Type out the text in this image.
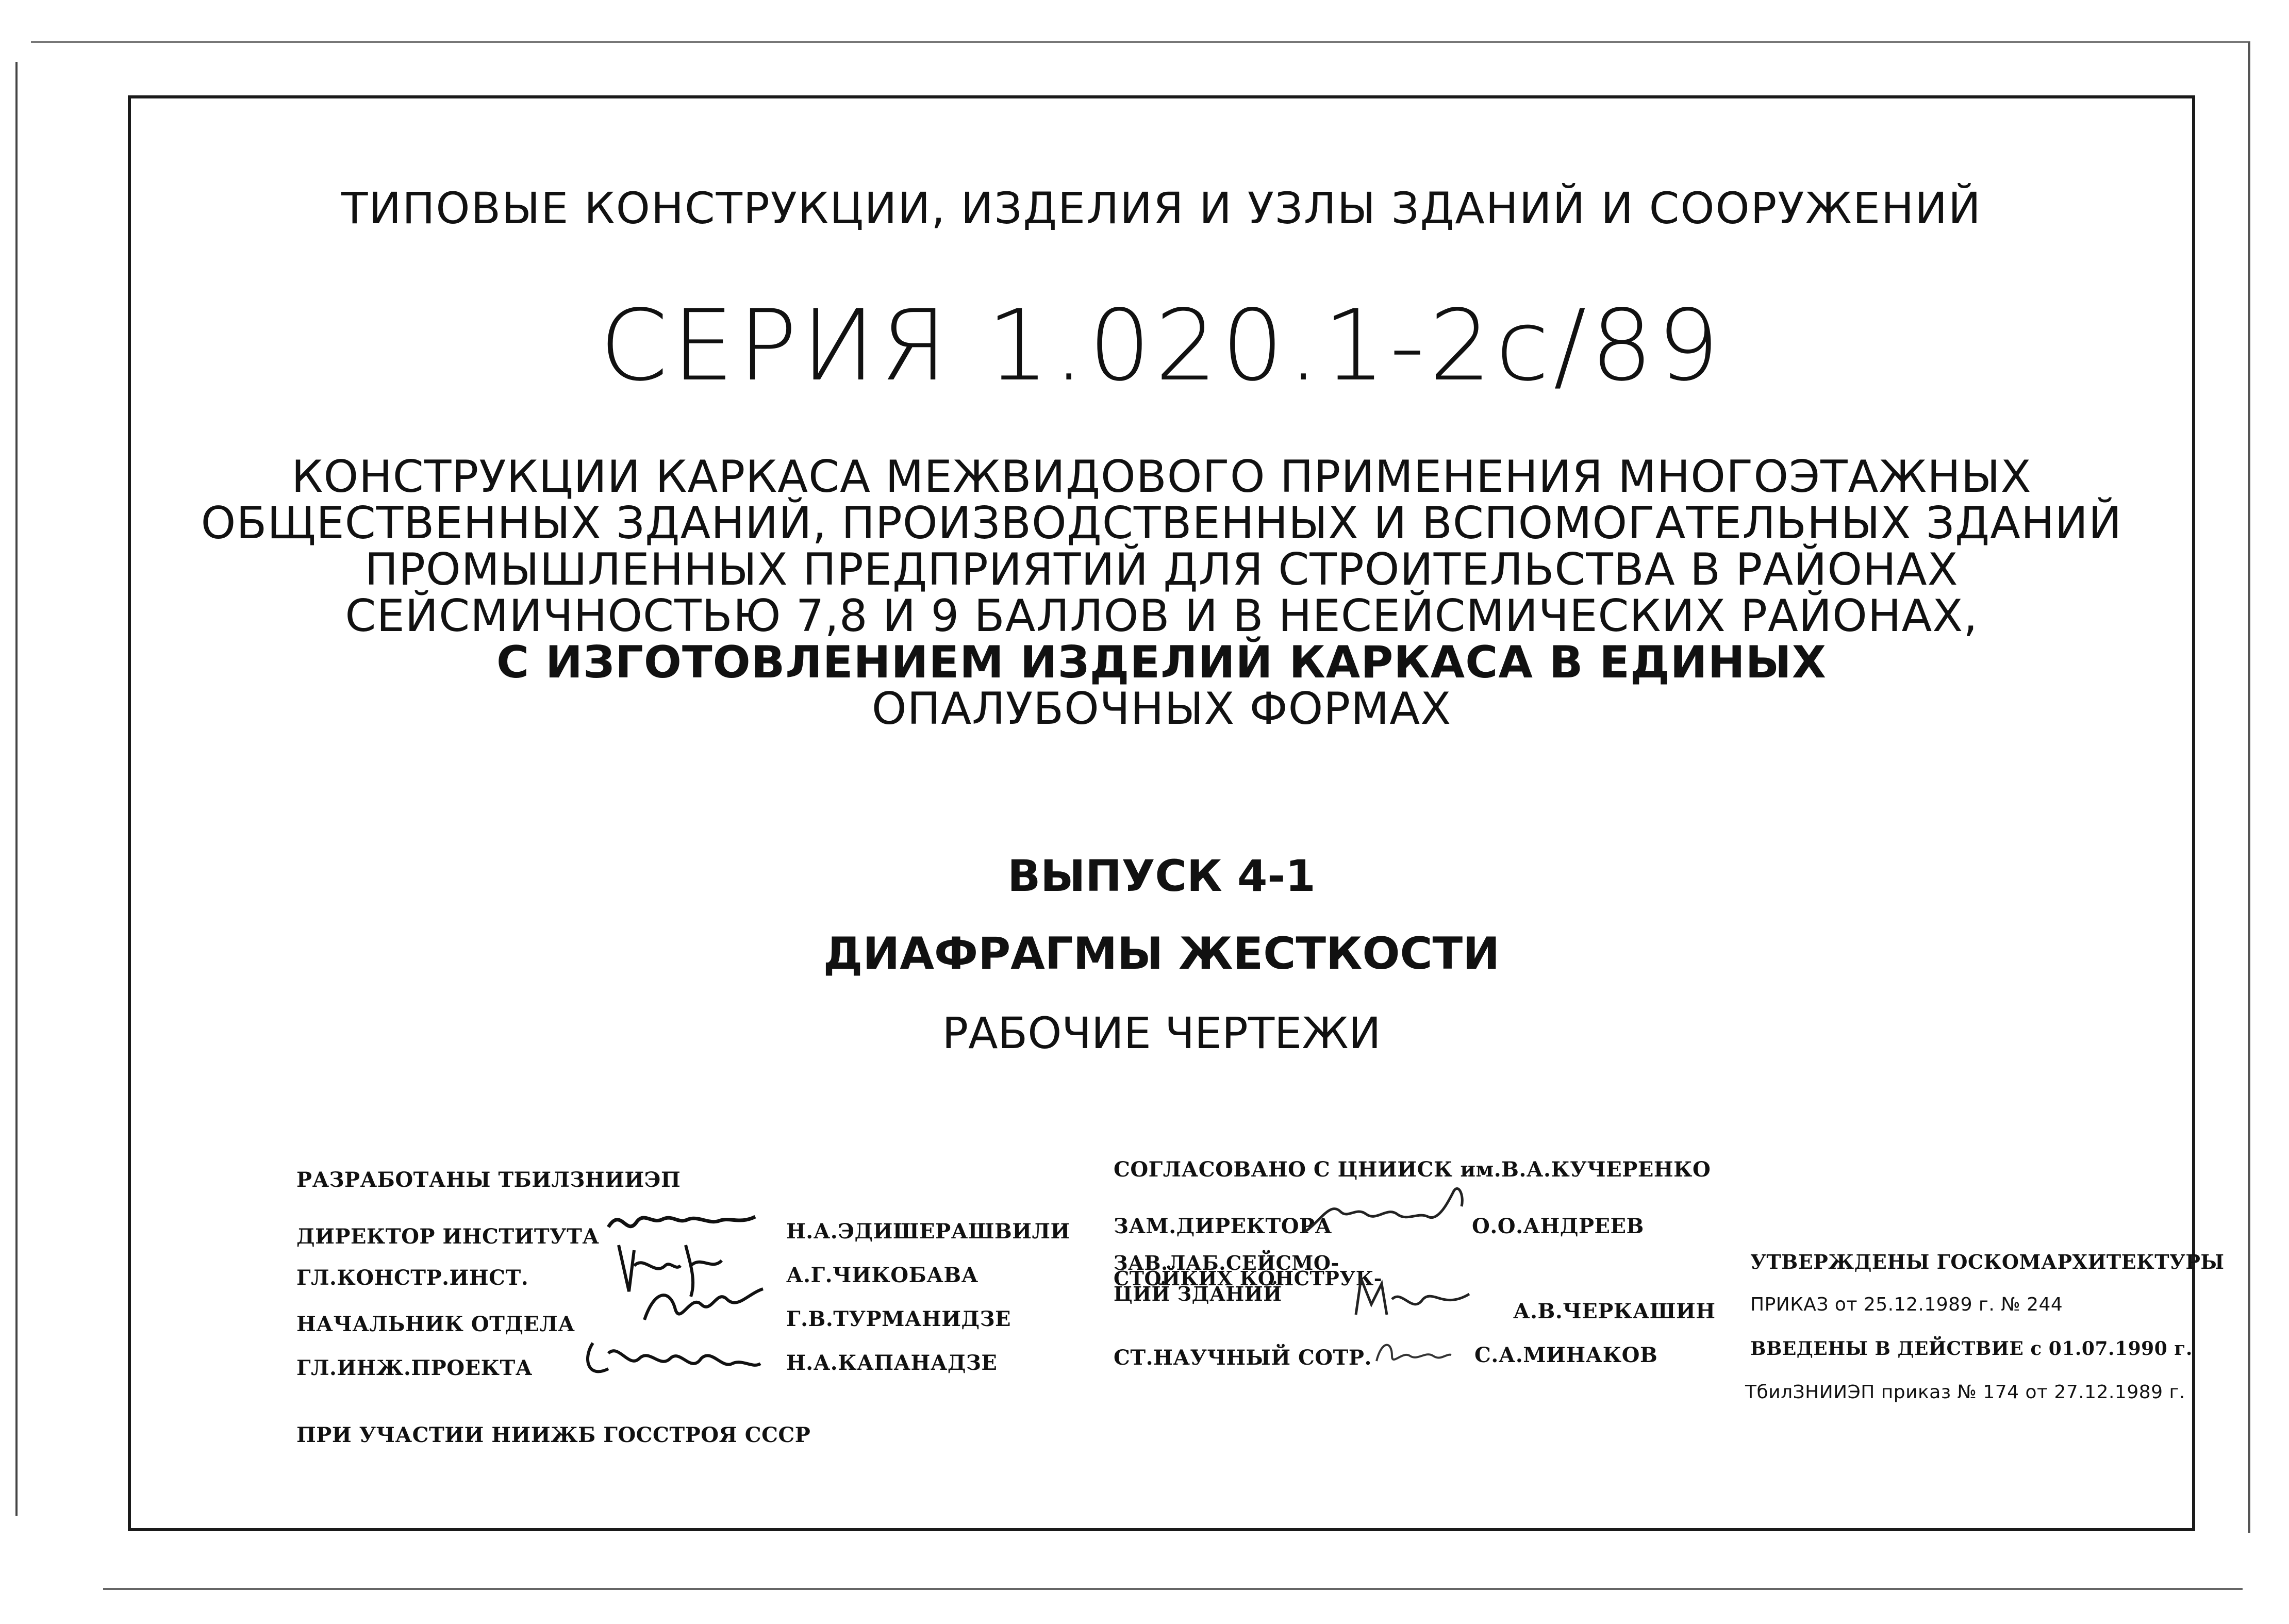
ТИПОВЫЕ КОНСТРУКЦИИ, ИЗДЕЛИЯ И УЗЛЫ ЗДАНИЙ И СООРУЖЕНИЙ
СЕРИЯ 1.020.1-2с/89
КОНСТРУКЦИИ КАРКАСА МЕЖВИДОВОГО ПРИМЕНЕНИЯ МНОГОЭТАЖНЫХ
ОБЩЕСТВЕННЫХ ЗДАНИЙ, ПРОИЗВОДСТВЕННЫХ И ВСПОМОГАТЕЛЬНЫХ ЗДАНИЙ
ПРОМЫШЛЕННЫХ ПРЕДПРИЯТИЙ ДЛЯ СТРОИТЕЛЬСТВА В РАЙОНАХ
СЕЙСМИЧНОСТЬЮ 7,8 И 9 БАЛЛОВ И В НЕСЕЙСМИЧЕСКИХ РАЙОНАХ,
С ИЗГОТОВЛЕНИЕМ ИЗДЕЛИЙ КАРКАСА В ЕДИНЫХ
ОПАЛУБОЧНЫХ ФОРМАХ
ВЫПУСК 4-1
ДИАФРАГМЫ ЖЕСТКОСТИ
РАБОЧИЕ ЧЕРТЕЖИ
РАЗРАБОТАНЫ ТБИЛЗНИИЭП
ДИРЕКТОР ИНСТИТУТА	Н.А.ЭДИШЕРАШВИЛИ
ГЛ.КОНСТР.ИНСТ.	А.Г.ЧИКОБАВА
НАЧАЛЬНИК ОТДЕЛА	Г.В.ТУРМАНИДЗЕ
ГЛ.ИНЖ.ПРОЕКТА	Н.А.КАПАНАДЗЕ
ПРИ УЧАСТИИ НИИЖБ ГОССТРОЯ СССР
СОГЛАСОВАНО С ЦНИИСК им.В.А.КУЧЕРЕНКО
ЗАМ.ДИРЕКТОРА	О.О.АНДРЕЕВ
ЗАВ.ЛАБ.СЕЙСМО-
СТОЙКИХ КОНСТРУК-
ЦИЙ ЗДАНИЙ
А.В.ЧЕРКАШИН
СТ.НАУЧНЫЙ СОТР.	С.А.МИНАКОВ
УТВЕРЖДЕНЫ ГОСКОМАРХИТЕКТУРЫ
ПРИКАЗ от 25.12.1989 г. № 244
ВВЕДЕНЫ В ДЕЙСТВИЕ с 01.07.1990 г.
ТбилЗНИИЭП приказ № 174 от 27.12.1989 г.
